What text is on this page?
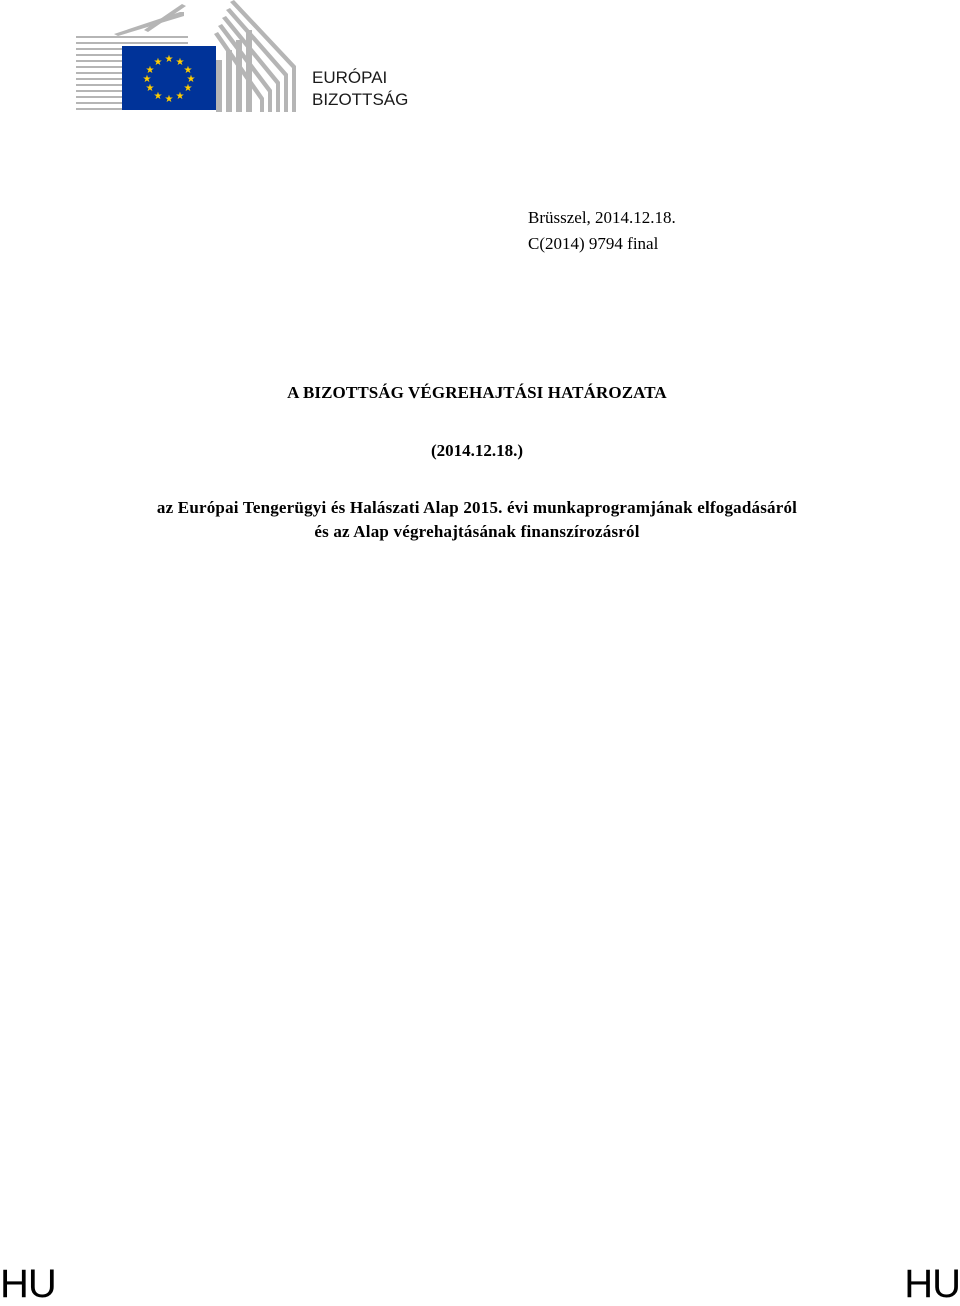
★ ★
★
★
★
★
★
★
★
★
★
★
EURÓPAI
BIZOTTSÁG
Brüsszel, 2014.12.18.
C(2014) 9794 final
A BIZOTTSÁG VÉGREHAJTÁSI HATÁROZATA
(2014.12.18.)
az Európai Tengerügyi és Halászati Alap 2015. évi munkaprogramjának elfogadásáról
és az Alap végrehajtásának finanszírozásról
HU	HU
